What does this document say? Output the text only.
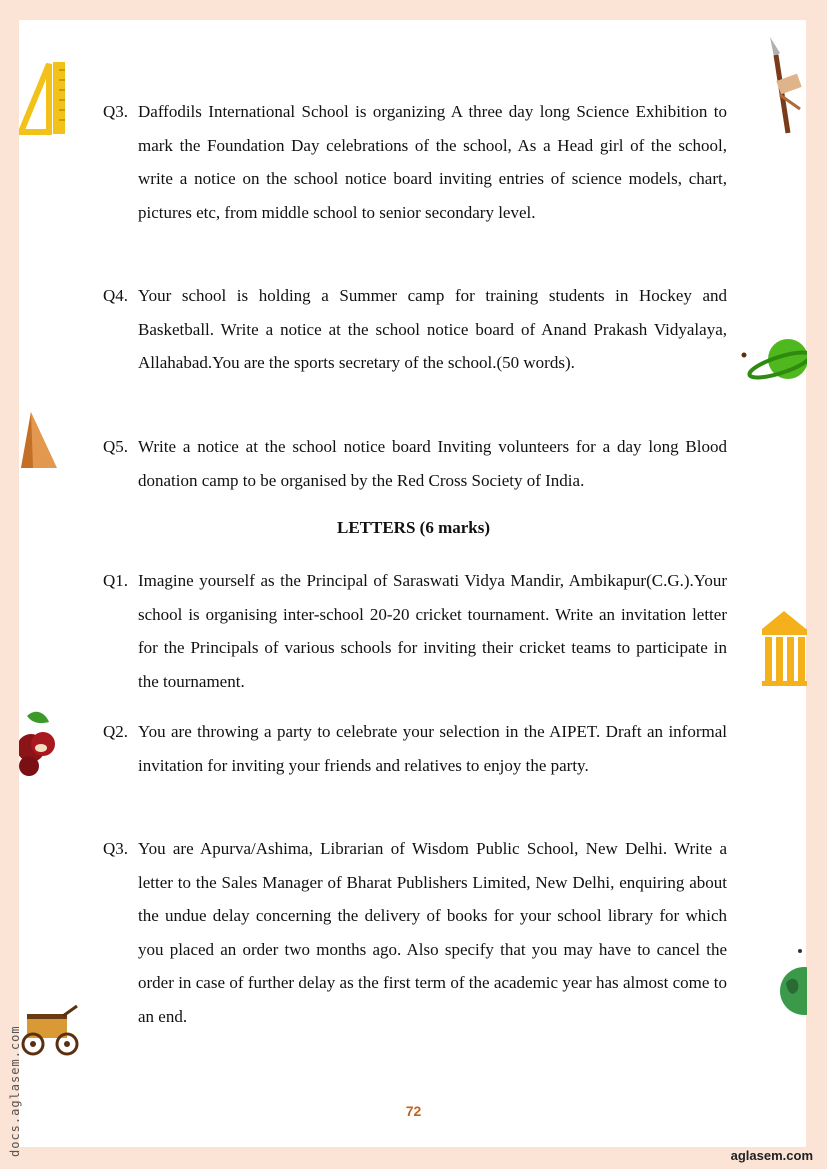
Q3. Daffodils International School is organizing A three day long Science Exhibition to mark the Foundation Day celebrations of the school, As a Head girl of the school, write a notice on the school notice board inviting entries of science models, chart, pictures etc, from middle school to senior secondary level.
Q4. Your school is holding a Summer camp for training students in Hockey and Basketball. Write a notice at the school notice board of Anand Prakash Vidyalaya, Allahabad.You are the sports secretary of the school.(50 words).
Q5. Write a notice at the school notice board Inviting volunteers for a day long Blood donation camp to be organised by the Red Cross Society of India.
LETTERS (6 marks)
Q1. Imagine yourself as the Principal of Saraswati Vidya Mandir, Ambikapur(C.G.).Your school is organising inter-school 20-20 cricket tournament. Write an invitation letter for the Principals of various schools for inviting their cricket teams to participate in the tournament.
Q2. You are throwing a party to celebrate your selection in the AIPET. Draft an informal invitation for inviting your friends and relatives to enjoy the party.
Q3. You are Apurva/Ashima, Librarian of Wisdom Public School, New Delhi. Write a letter to the Sales Manager of Bharat Publishers Limited, New Delhi, enquiring about the undue delay concerning the delivery of books for your school library for which you placed an order two months ago. Also specify that you may have to cancel the order in case of further delay as the first term of the academic year has almost come to an end.
72
aglasem.com
docs.aglasem.com
